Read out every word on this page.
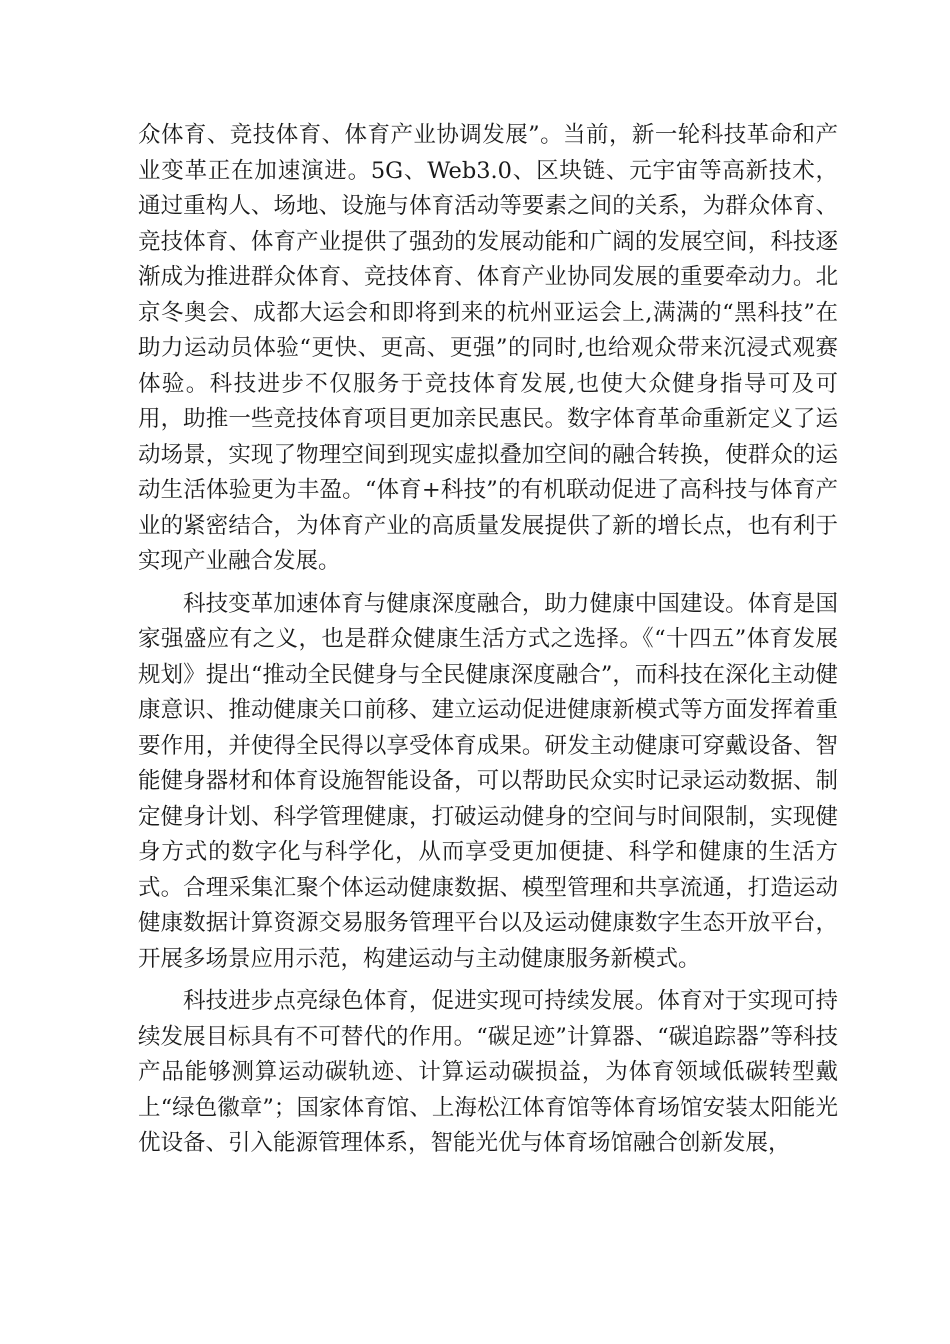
众体育、竞技体育、体育产业协调发展”。当前，新一轮科技革命和产业变革正在加速演进。5G、Web3.0、区块链、元宇宙等高新技术，通过重构人、场地、设施与体育活动等要素之间的关系，为群众体育、竞技体育、体育产业提供了强劲的发展动能和广阔的发展空间，科技逐渐成为推进群众体育、竞技体育、体育产业协同发展的重要牵动力。北京冬奥会、成都大运会和即将到来的杭州亚运会上,满满的“黑科技”在助力运动员体验“更快、更高、更强”的同时,也给观众带来沉浸式观赛体验。科技进步不仅服务于竞技体育发展,也使大众健身指导可及可用，助推一些竞技体育项目更加亲民惠民。数字体育革命重新定义了运动场景，实现了物理空间到现实虚拟叠加空间的融合转换，使群众的运动生活体验更为丰盈。“体育+科技”的有机联动促进了高科技与体育产业的紧密结合，为体育产业的高质量发展提供了新的增长点，也有利于实现产业融合发展。

科技变革加速体育与健康深度融合，助力健康中国建设。体育是国家强盛应有之义，也是群众健康生活方式之选择。《“十四五”体育发展规划》提出“推动全民健身与全民健康深度融合”，而科技在深化主动健康意识、推动健康关口前移、建立运动促进健康新模式等方面发挥着重要作用，并使得全民得以享受体育成果。研发主动健康可穿戴设备、智能健身器材和体育设施智能设备，可以帮助民众实时记录运动数据、制定健身计划、科学管理健康，打破运动健身的空间与时间限制，实现健身方式的数字化与科学化，从而享受更加便捷、科学和健康的生活方式。合理采集汇聚个体运动健康数据、模型管理和共享流通，打造运动健康数据计算资源交易服务管理平台以及运动健康数字生态开放平台，开展多场景应用示范，构建运动与主动健康服务新模式。

科技进步点亮绿色体育，促进实现可持续发展。体育对于实现可持续发展目标具有不可替代的作用。“碳足迹”计算器、“碳追踪器”等科技产品能够测算运动碳轨迹、计算运动碳损益，为体育领域低碳转型戴上“绿色徽章”；国家体育馆、上海松江体育馆等体育场馆安装太阳能光优设备、引入能源管理体系，智能光优与体育场馆融合创新发展，
